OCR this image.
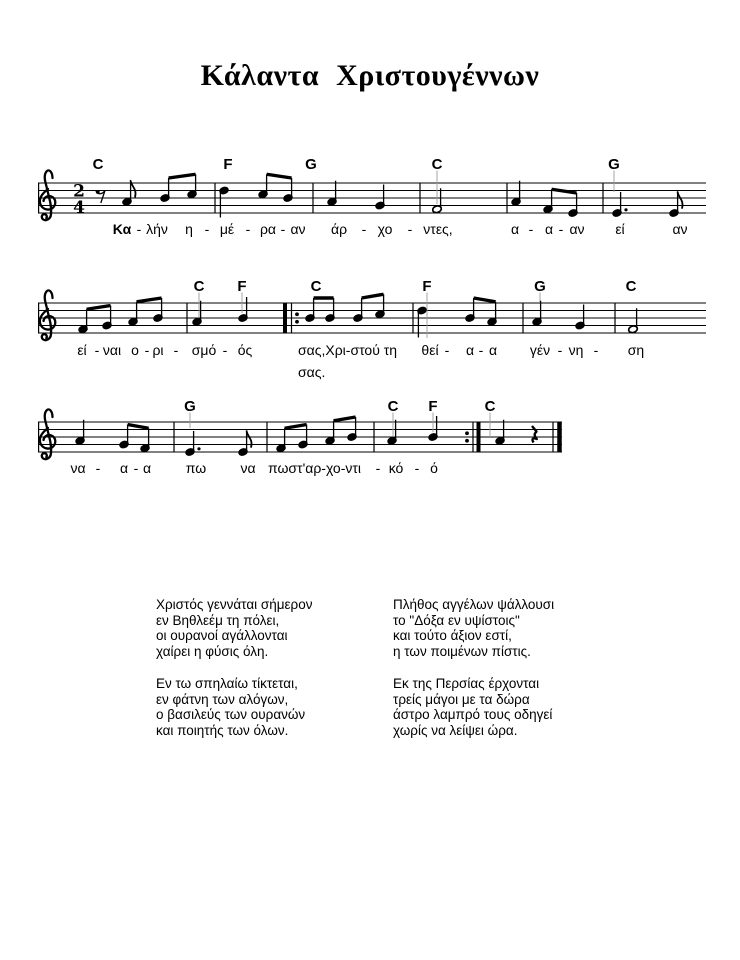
Κάλαντα Χριστουγέννων
2
4
C	F	G	C	G
Κα - λήν η - μέ - ρα - αν άρ - χο - ντες,	α - α - αν εί	αν
C F	C	F	G	C
εί - ναι ο - ρι - σμό - ός	σας,Χρι-στού τη θεί - α - α γέν - νη - ση
σας.
G	C F	C
να - α - α πω να πωστ'αρ-χο-ντι - κό - ό
Χριστός γεννάται σήμερον
εν Βηθλεέμ τη πόλει,
οι ουρανοί αγάλλονται
χαίρει η φύσις όλη.
Εν τω σπηλαίω τίκτεται,
εν φάτνη των αλόγων,
ο βασιλεύς των ουρανών
και ποιητής των όλων.
Πλήθος αγγέλων ψάλλουσι
το "Δόξα εν υψίστοις"
και τούτο άξιον εστί,
η των ποιμένων πίστις.
Εκ της Περσίας έρχονται
τρείς μάγοι με τα δώρα
άστρο λαμπρό τους οδηγεί
χωρίς να λείψει ώρα.
